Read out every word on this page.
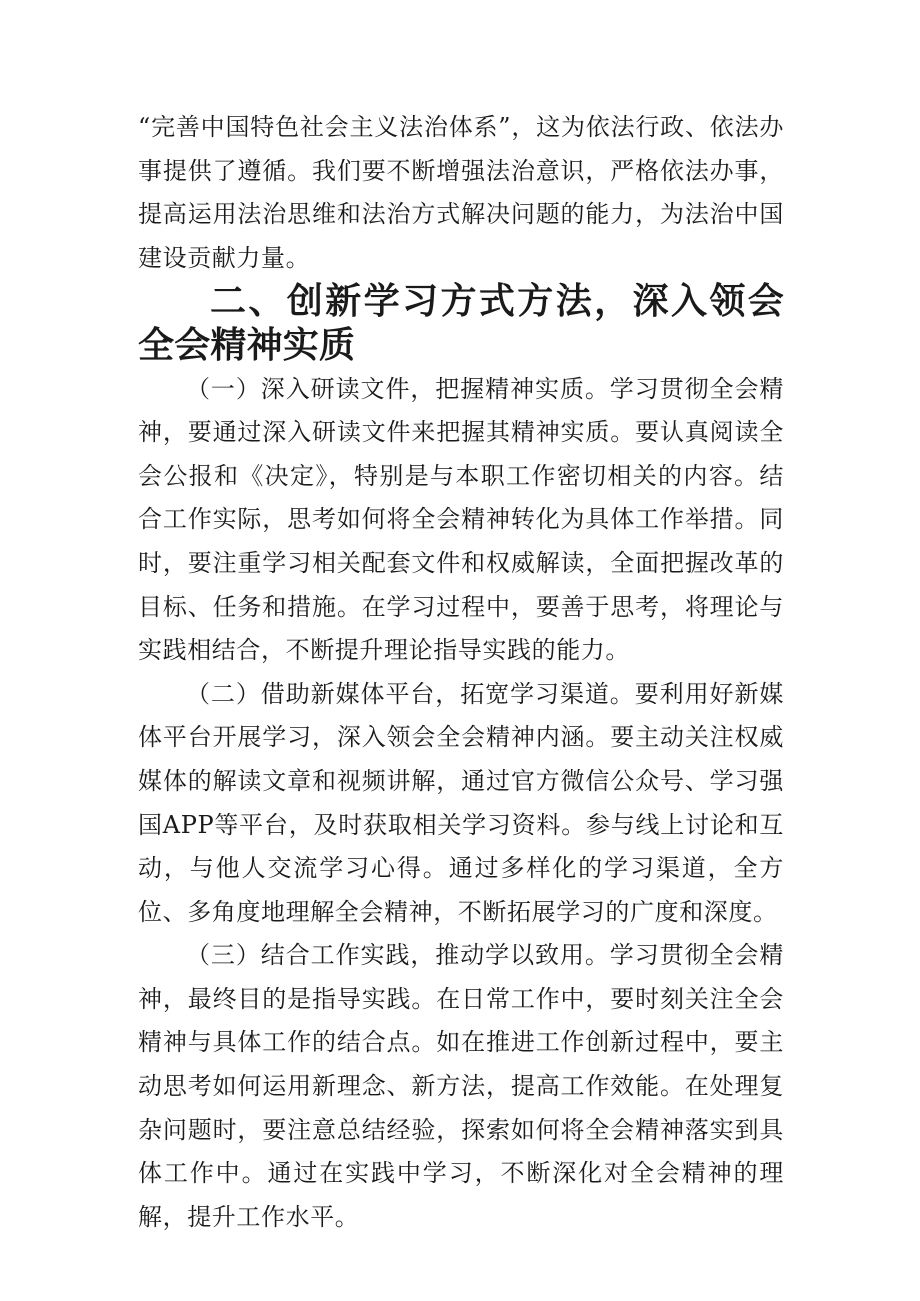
“完善中国特色社会主义法治体系”，这为依法行政、依法办事提供了遵循。我们要不断增强法治意识，严格依法办事，提高运用法治思维和法治方式解决问题的能力，为法治中国建设贡献力量。

二、创新学习方式方法，深入领会全会精神实质

（一）深入研读文件，把握精神实质。学习贯彻全会精神，要通过深入研读文件来把握其精神实质。要认真阅读全会公报和《决定》，特别是与本职工作密切相关的内容。结合工作实际，思考如何将全会精神转化为具体工作举措。同时，要注重学习相关配套文件和权威解读，全面把握改革的目标、任务和措施。在学习过程中，要善于思考，将理论与实践相结合，不断提升理论指导实践的能力。

（二）借助新媒体平台，拓宽学习渠道。要利用好新媒体平台开展学习，深入领会全会精神内涵。要主动关注权威媒体的解读文章和视频讲解，通过官方微信公众号、学习强国APP等平台，及时获取相关学习资料。参与线上讨论和互动，与他人交流学习心得。通过多样化的学习渠道，全方位、多角度地理解全会精神，不断拓展学习的广度和深度。

（三）结合工作实践，推动学以致用。学习贯彻全会精神，最终目的是指导实践。在日常工作中，要时刻关注全会精神与具体工作的结合点。如在推进工作创新过程中，要主动思考如何运用新理念、新方法，提高工作效能。在处理复杂问题时，要注意总结经验，探索如何将全会精神落实到具体工作中。通过在实践中学习，不断深化对全会精神的理解，提升工作水平。
